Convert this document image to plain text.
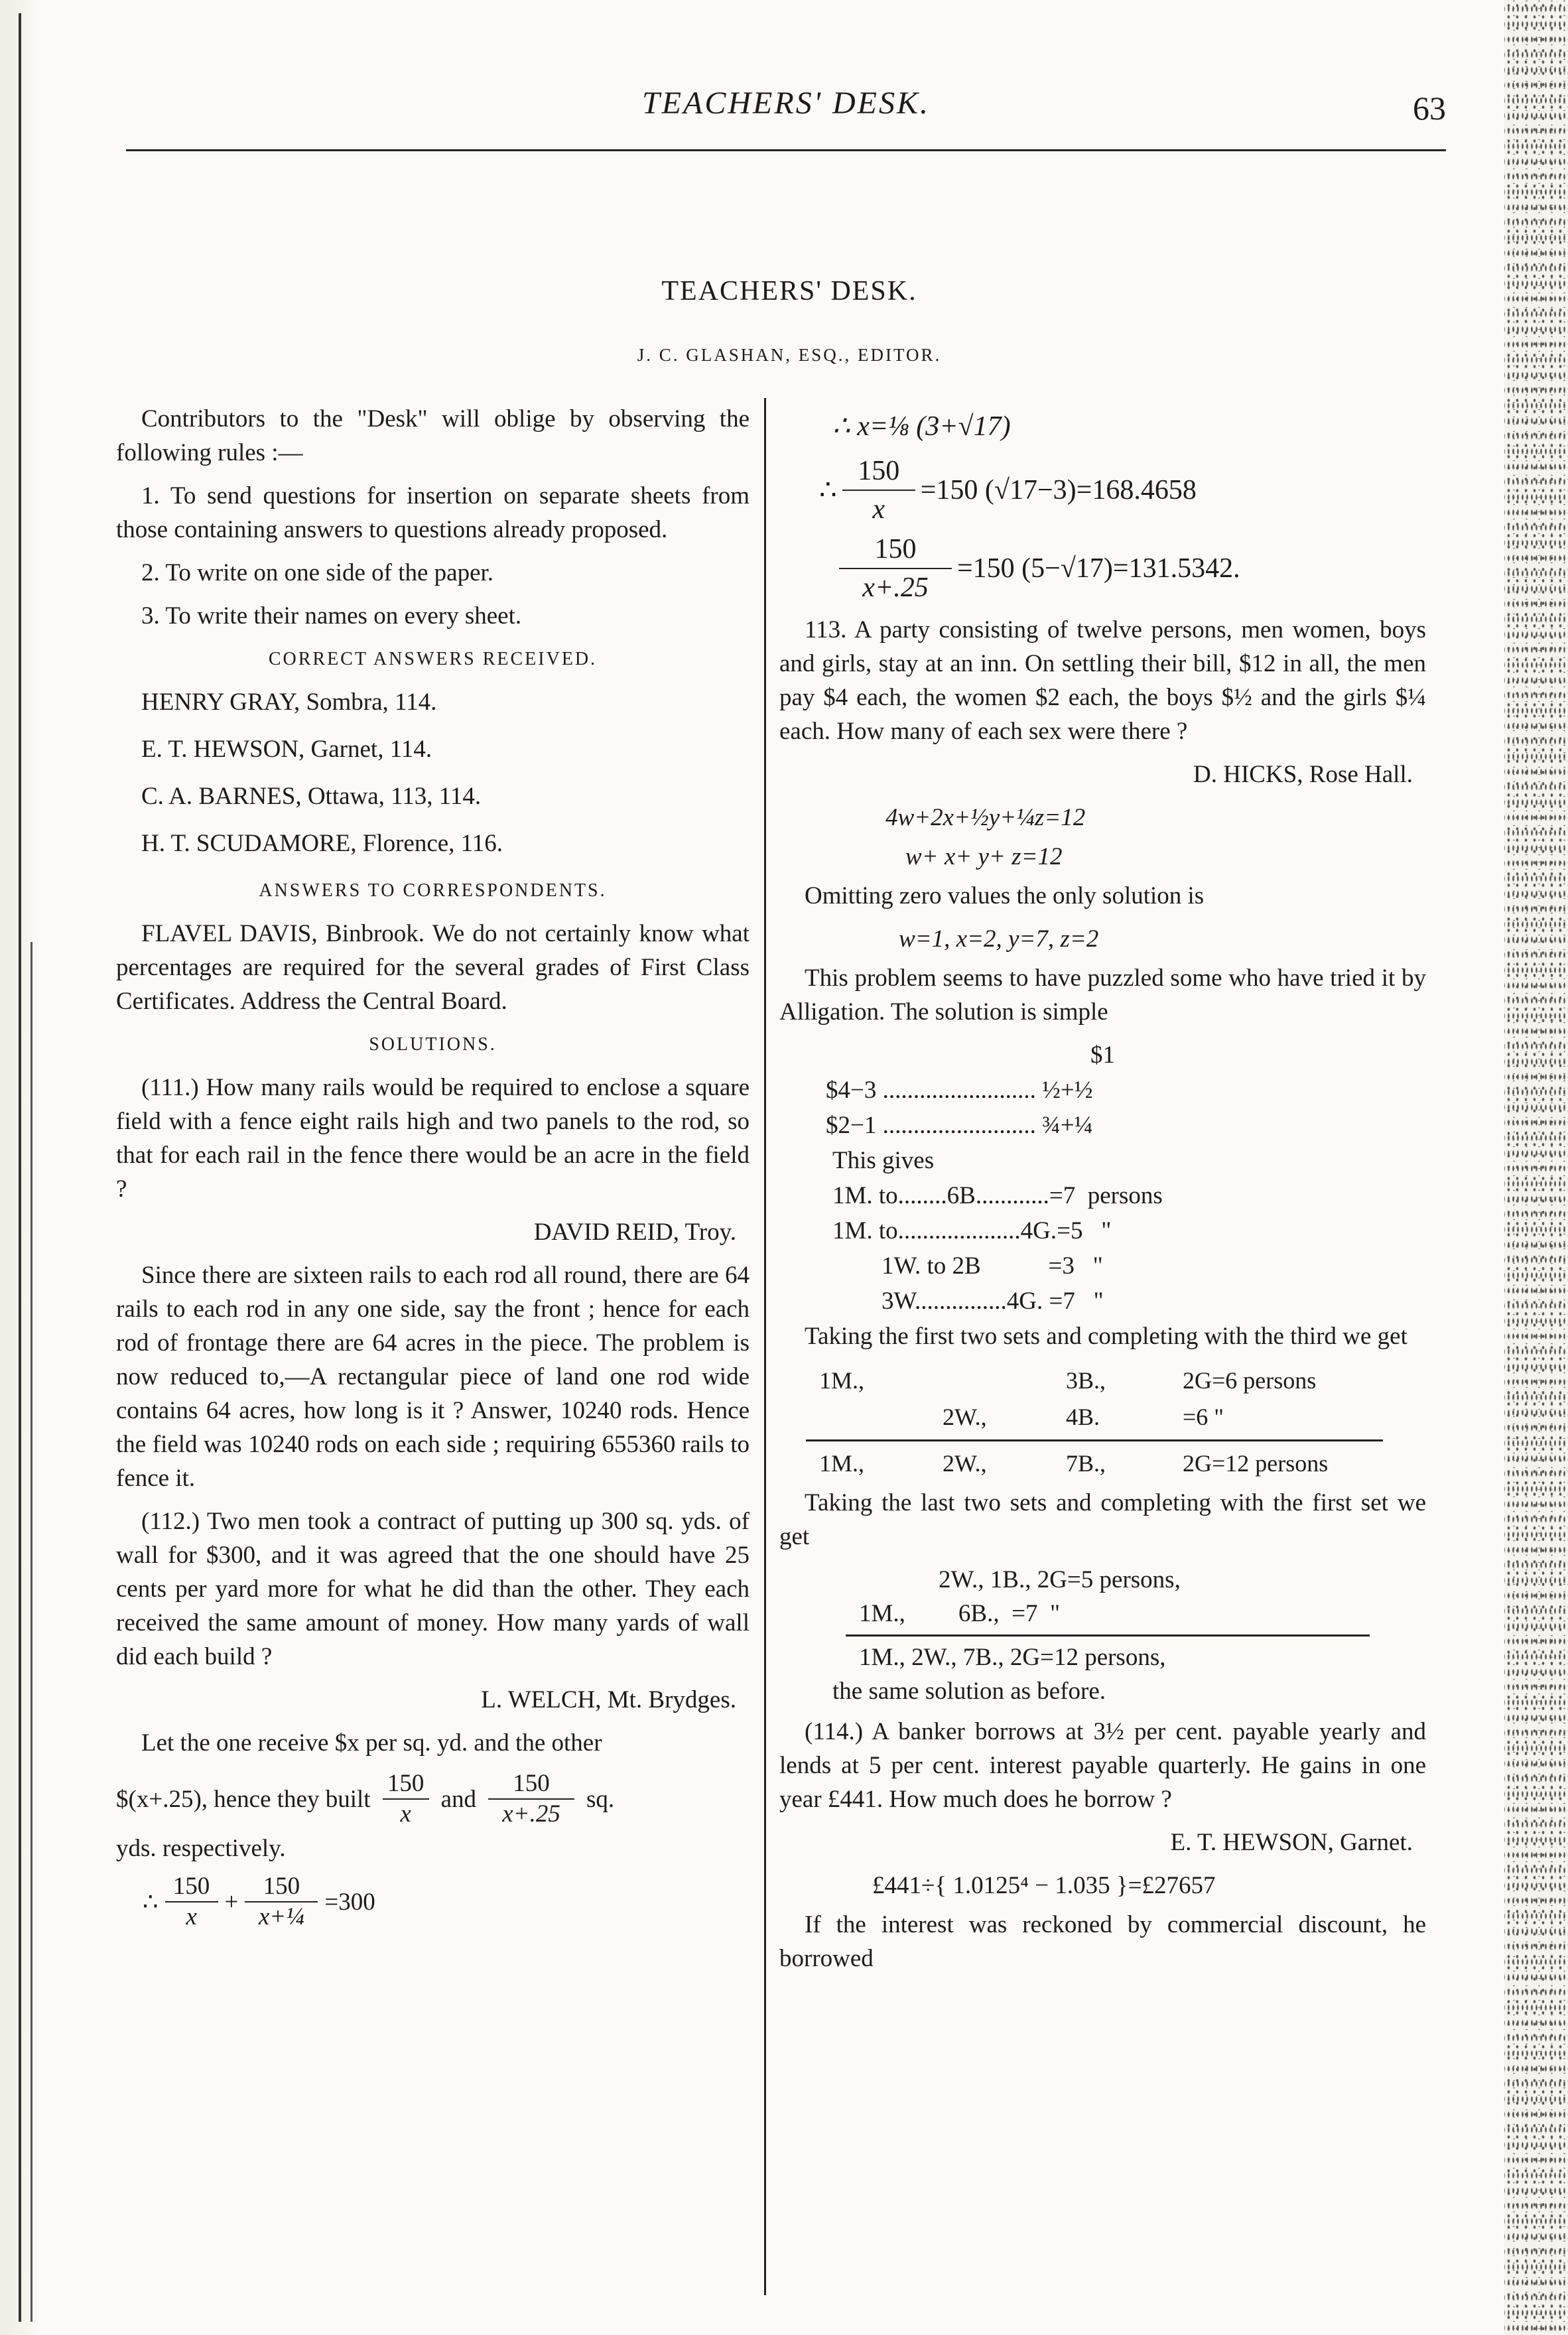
TEACHERS' DESK.	63
TEACHERS' DESK.
J. C. GLASHAN, ESQ., EDITOR.

Contributors to the "Desk" will oblige by observing the following rules :—

1. To send questions for insertion on separate sheets from those containing answers to questions already proposed.

2. To write on one side of the paper.

3. To write their names on every sheet.

CORRECT ANSWERS RECEIVED.
HENRY GRAY, Sombra, 114.
E. T. HEWSON, Garnet, 114.
C. A. BARNES, Ottawa, 113, 114.
H. T. SCUDAMORE, Florence, 116.
ANSWERS TO CORRESPONDENTS.

FLAVEL DAVIS, Binbrook. We do not certainly know what percentages are required for the several grades of First Class Certificates. Address the Central Board.

SOLUTIONS.

(111.) How many rails would be required to enclose a square field with a fence eight rails high and two panels to the rod, so that for each rail in the fence there would be an acre in the field ?

DAVID REID, Troy.

Since there are sixteen rails to each rod all round, there are 64 rails to each rod in any one side, say the front ; hence for each rod of frontage there are 64 acres in the piece. The problem is now reduced to,—A rectangular piece of land one rod wide contains 64 acres, how long is it ? Answer, 10240 rods. Hence the field was 10240 rods on each side ; requiring 655360 rails to fence it.

(112.) Two men took a contract of putting up 300 sq. yds. of wall for $300, and it was agreed that the one should have 25 cents per yard more for what he did than the other. They each received the same amount of money. How many yards of wall did each build ?

L. WELCH, Mt. Brydges.

Let the one receive $x per sq. yd. and the other

$(x+.25), hence they built
150
x
and
150
x+.25
sq.
yds. respectively.
∴
150
x
+
150
x+¼
=300
∴ x=⅛ (3+√17)
∴
150
x
=150 (√17−3)=168.4658
150
x+.25
=150 (5−√17)=131.5342.

113. A party consisting of twelve persons, men women, boys and girls, stay at an inn. On settling their bill, $12 in all, the men pay $4 each, the women $2 each, the boys $½ and the girls $¼ each. How many of each sex were there ?

D. HICKS, Rose Hall.
4w+2x+½y+¼z=12
w+ x+ y+ z=12

Omitting zero values the only solution is

w=1, x=2, y=7, z=2

This problem seems to have puzzled some who have tried it by Alligation. The solution is simple

$1
$4−3 ......................... ½+½
$2−1 ......................... ¾+¼
This gives
1M. to........6B............=7  persons
1M. to....................4G.=5   "
1W. to 2B           =3   "
3W...............4G. =7   "

Taking the first two sets and completing with the third we get

1M.,		3B.,	2G=6 persons
	2W.,	4B.	=6 "
1M.,	2W.,	7B.,	2G=12 persons

Taking the last two sets and completing with the first set we get

2W., 1B., 2G=5 persons,
1M., 6B.,  =7  "
1M., 2W., 7B., 2G=12 persons,
the same solution as before.

(114.) A banker borrows at 3½ per cent. payable yearly and lends at 5 per cent. interest payable quarterly. He gains in one year £441. How much does he borrow ?

E. T. HEWSON, Garnet.
£441÷{ 1.0125⁴ − 1.035 }=£27657

If the interest was reckoned by commercial discount, he borrowed
